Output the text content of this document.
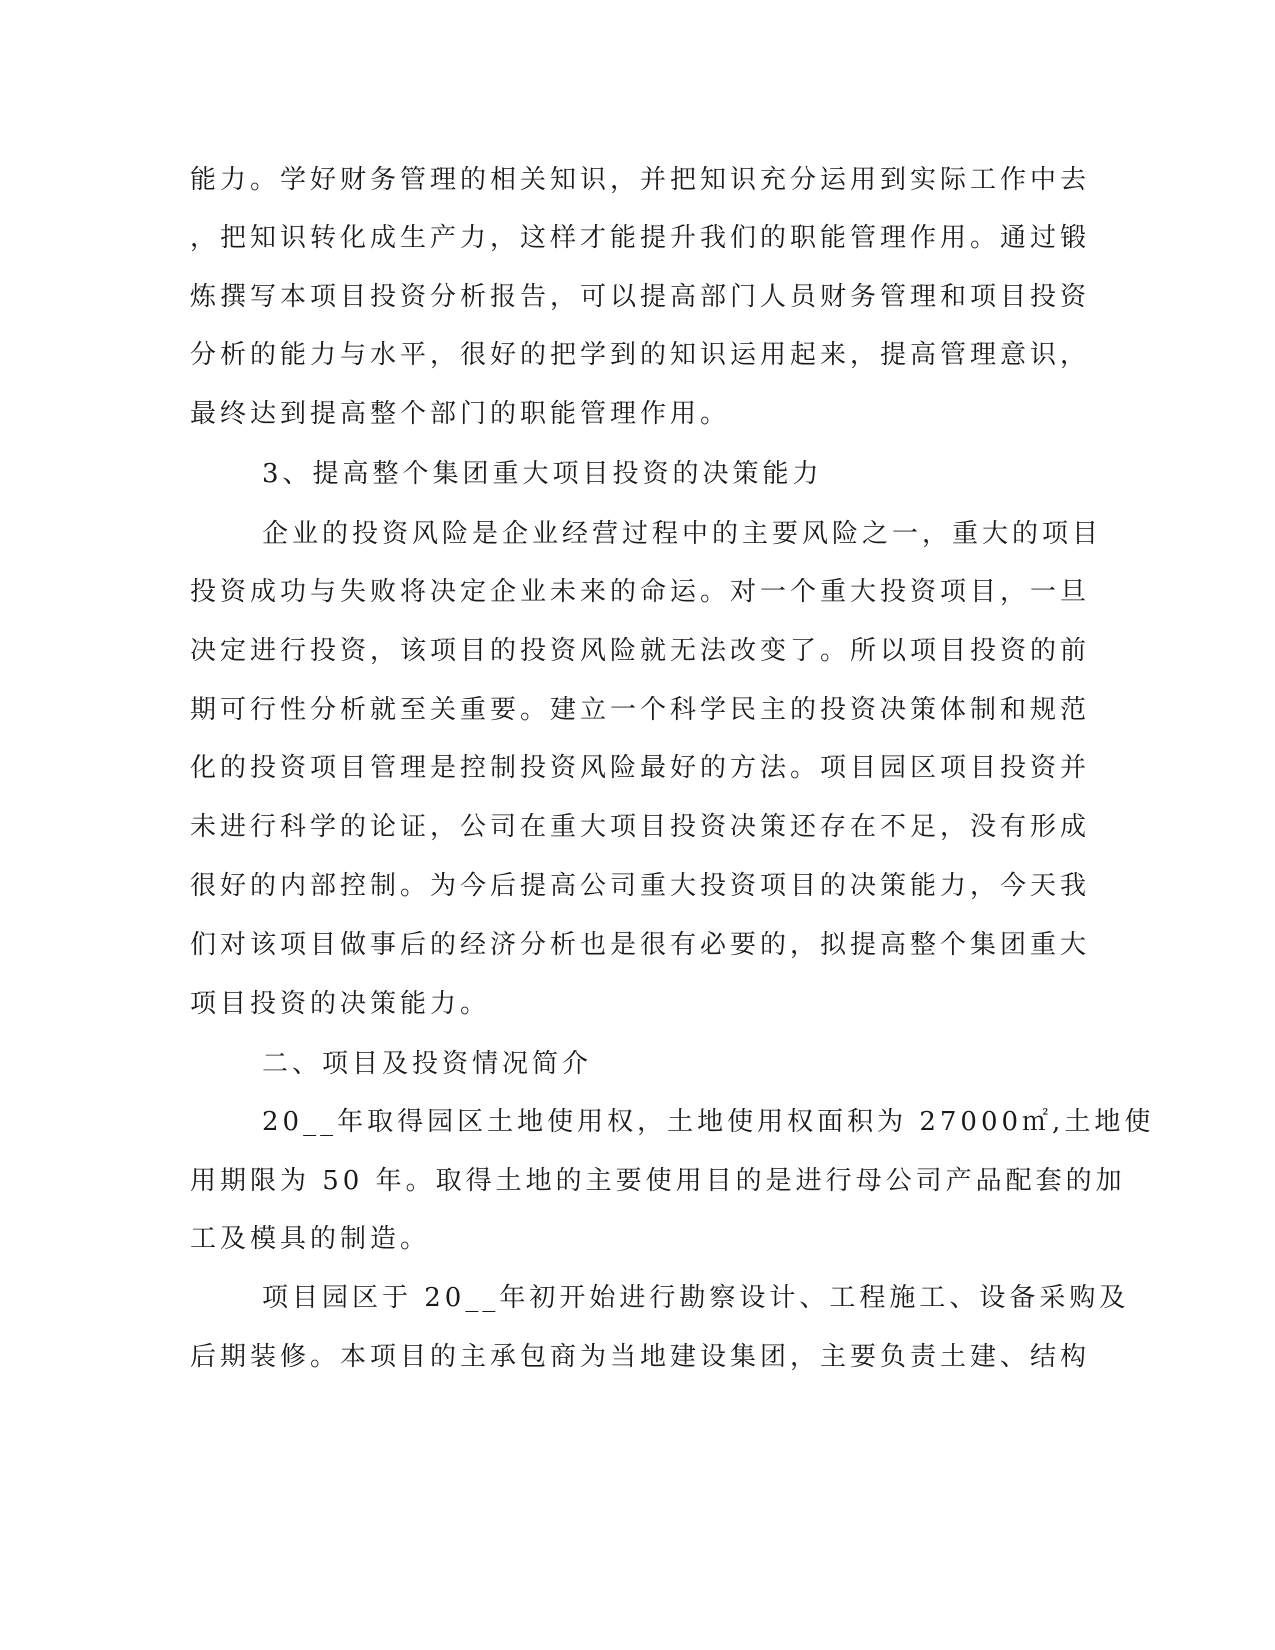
能力。学好财务管理的相关知识，并把知识充分运用到实际工作中去
，把知识转化成生产力，这样才能提升我们的职能管理作用。通过锻
炼撰写本项目投资分析报告，可以提高部门人员财务管理和项目投资
分析的能力与水平，很好的把学到的知识运用起来，提高管理意识，
最终达到提高整个部门的职能管理作用。
3、提高整个集团重大项目投资的决策能力
企业的投资风险是企业经营过程中的主要风险之一，重大的项目
投资成功与失败将决定企业未来的命运。对一个重大投资项目，一旦
决定进行投资，该项目的投资风险就无法改变了。所以项目投资的前
期可行性分析就至关重要。建立一个科学民主的投资决策体制和规范
化的投资项目管理是控制投资风险最好的方法。项目园区项目投资并
未进行科学的论证，公司在重大项目投资决策还存在不足，没有形成
很好的内部控制。为今后提高公司重大投资项目的决策能力，今天我
们对该项目做事后的经济分析也是很有必要的，拟提高整个集团重大
项目投资的决策能力。
二、项目及投资情况简介
20__年取得园区土地使用权，土地使用权面积为 27000㎡,土地使
用期限为 50 年。取得土地的主要使用目的是进行母公司产品配套的加
工及模具的制造。
项目园区于 20__年初开始进行勘察设计、工程施工、设备采购及
后期装修。本项目的主承包商为当地建设集团，主要负责土建、结构
